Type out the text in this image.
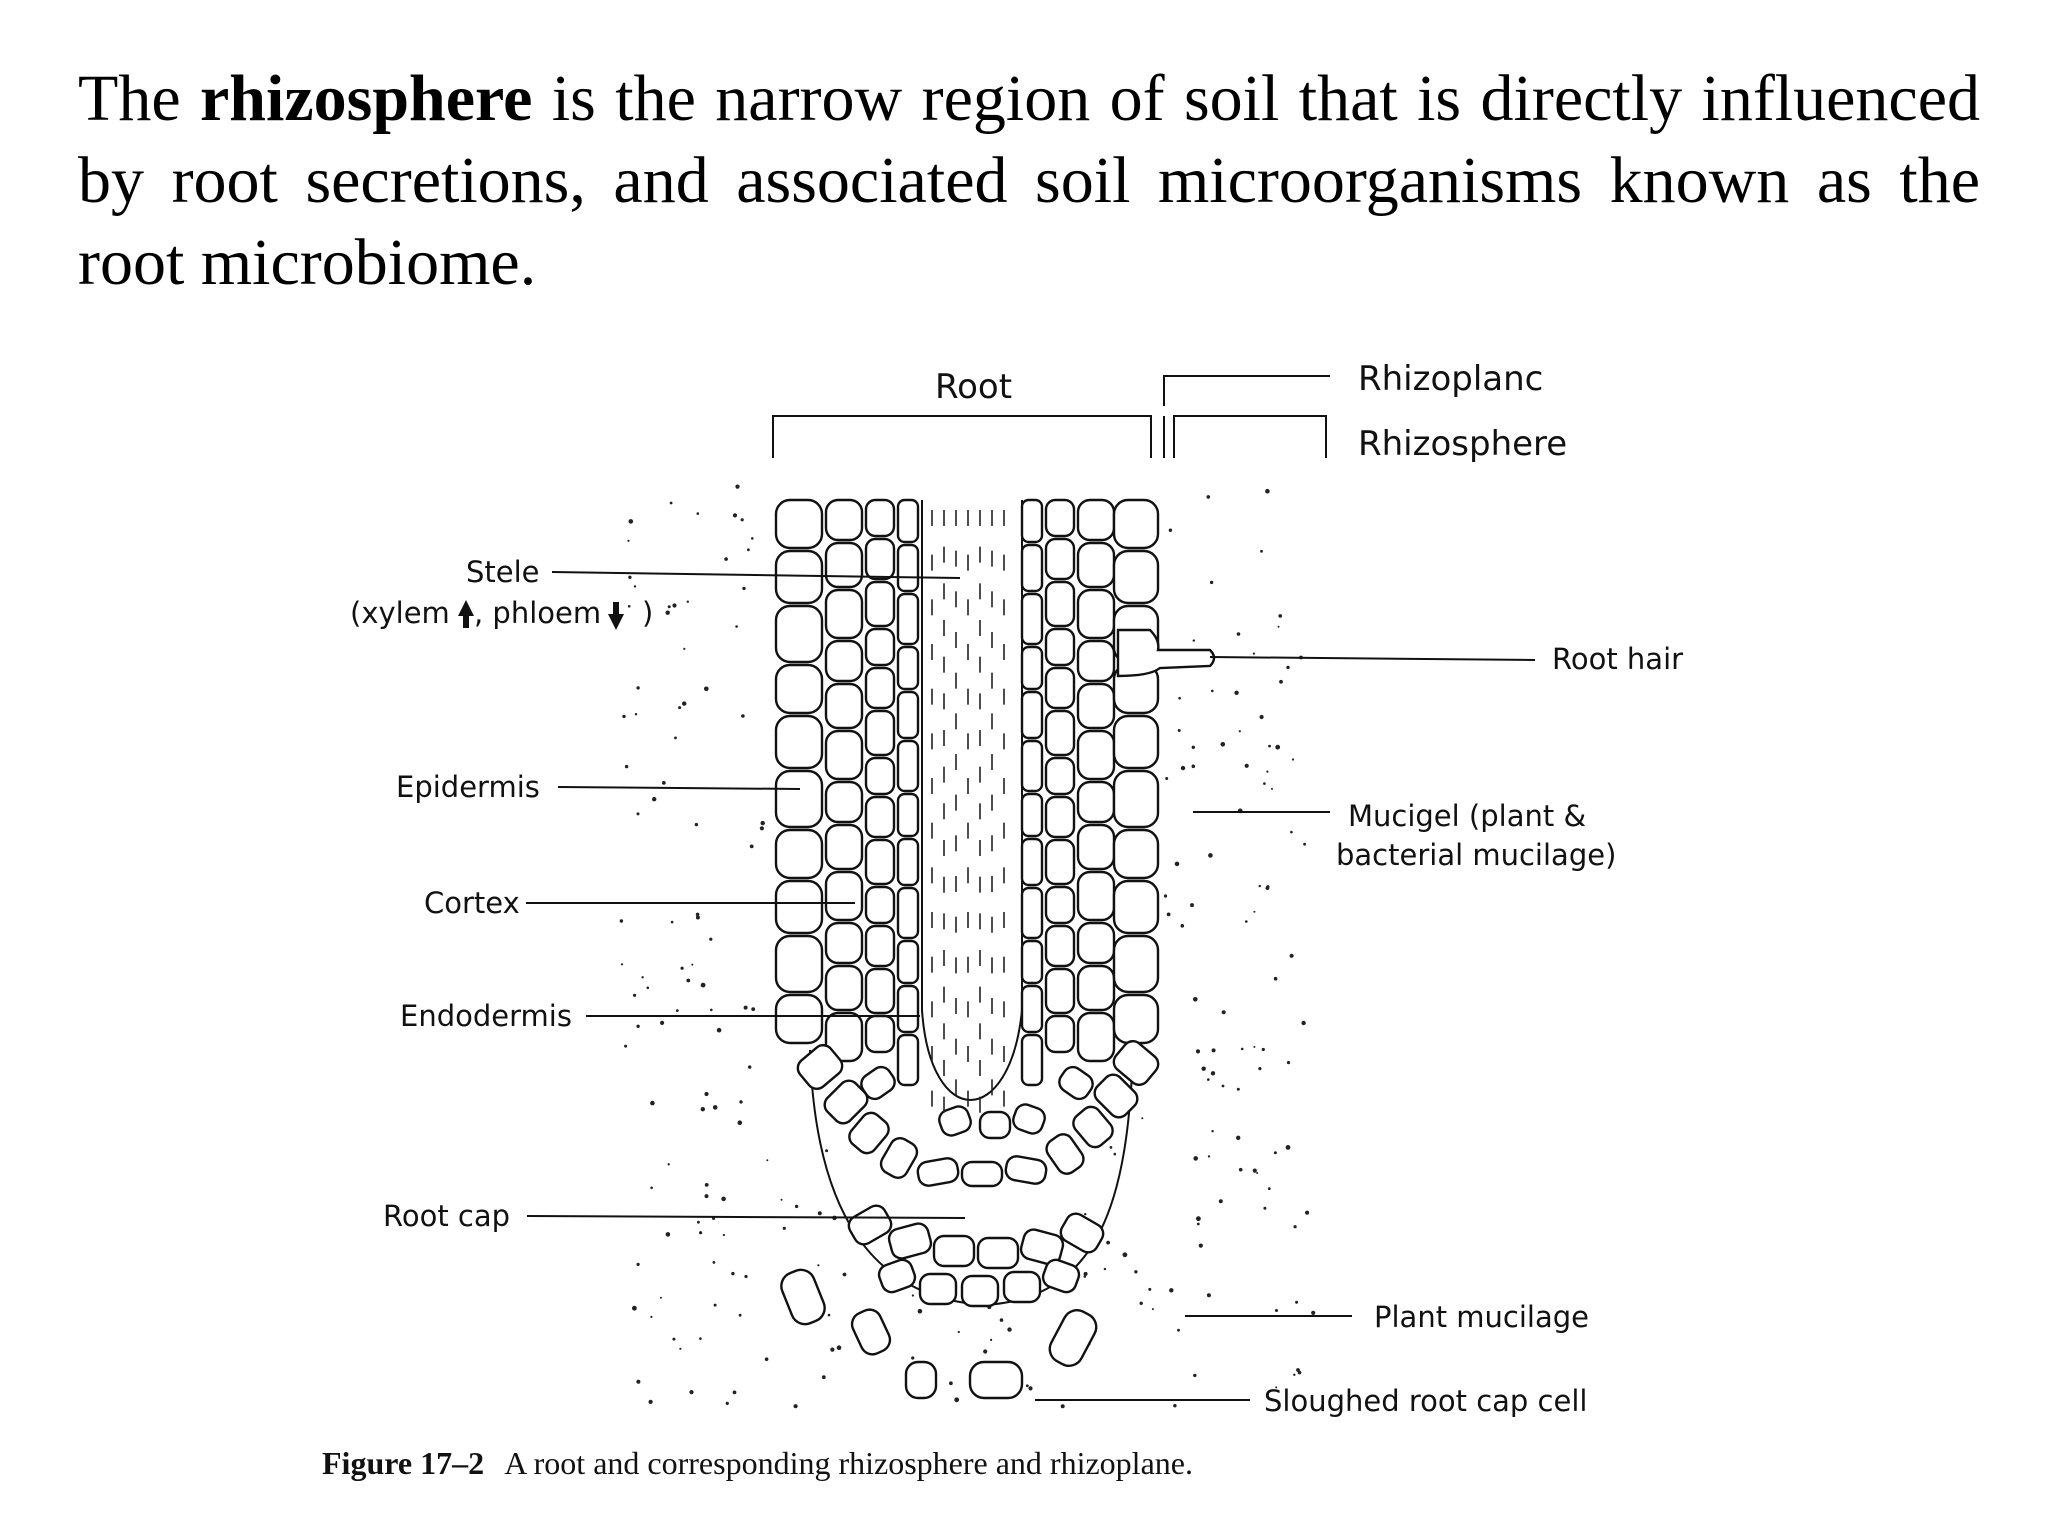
The rhizosphere is the narrow region of soil that is directly influenced by root secretions, and associated soil microorganisms known as the root microbiome.

Root	Rhizoplanc
Rhizosphere
Stele
(xylem , phloem )
Epidermis
Cortex
Endodermis
Root cap
Root hair
Mucigel (plant &
bacterial mucilage)
Plant mucilage
Sloughed root cap cell
Figure 17–2 A root and corresponding rhizosphere and rhizoplane.
